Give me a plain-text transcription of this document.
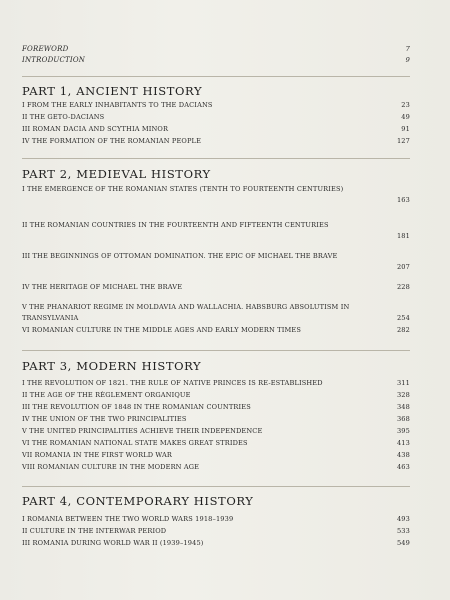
FOREWORD	7
INTRODUCTION	9
PART 1, ANCIENT HISTORY
I FROM THE EARLY INHABITANTS TO THE DACIANS	23
II THE GETO-DACIANS	49
III ROMAN DACIA AND SCYTHIA MINOR	91
IV THE FORMATION OF THE ROMANIAN PEOPLE	127
PART 2, MEDIEVAL HISTORY
I THE EMERGENCE OF THE ROMANIAN STATES (TENTH TO FOURTEENTH CENTURIES)
163
II THE ROMANIAN COUNTRIES IN THE FOURTEENTH AND FIFTEENTH CENTURIES
181
III THE BEGINNINGS OF OTTOMAN DOMINATION. THE EPIC OF MICHAEL THE BRAVE
207
IV THE HERITAGE OF MICHAEL THE BRAVE	228
V THE PHANARIOT REGIME IN MOLDAVIA AND WALLACHIA. HABSBURG ABSOLUTISM IN TRANSYLVANIA	254
VI ROMANIAN CULTURE IN THE MIDDLE AGES AND EARLY MODERN TIMES	282
PART 3, MODERN HISTORY
I THE REVOLUTION OF 1821. THE RULE OF NATIVE PRINCES IS RE-ESTABLISHED	311
II THE AGE OF THE RÈGLEMENT ORGANIQUE	328
III THE REVOLUTION OF 1848 IN THE ROMANIAN COUNTRIES	348
IV THE UNION OF THE TWO PRINCIPALITIES	368
V THE UNITED PRINCIPALITIES ACHIEVE THEIR INDEPENDENCE	395
VI THE ROMANIAN NATIONAL STATE MAKES GREAT STRIDES	413
VII ROMANIA IN THE FIRST WORLD WAR	438
VIII ROMANIAN CULTURE IN THE MODERN AGE	463
PART 4, CONTEMPORARY HISTORY
I ROMANIA BETWEEN THE TWO WORLD WARS 1918–1939	493
II CULTURE IN THE INTERWAR PERIOD	533
III ROMANIA DURING WORLD WAR II (1939–1945)	549
